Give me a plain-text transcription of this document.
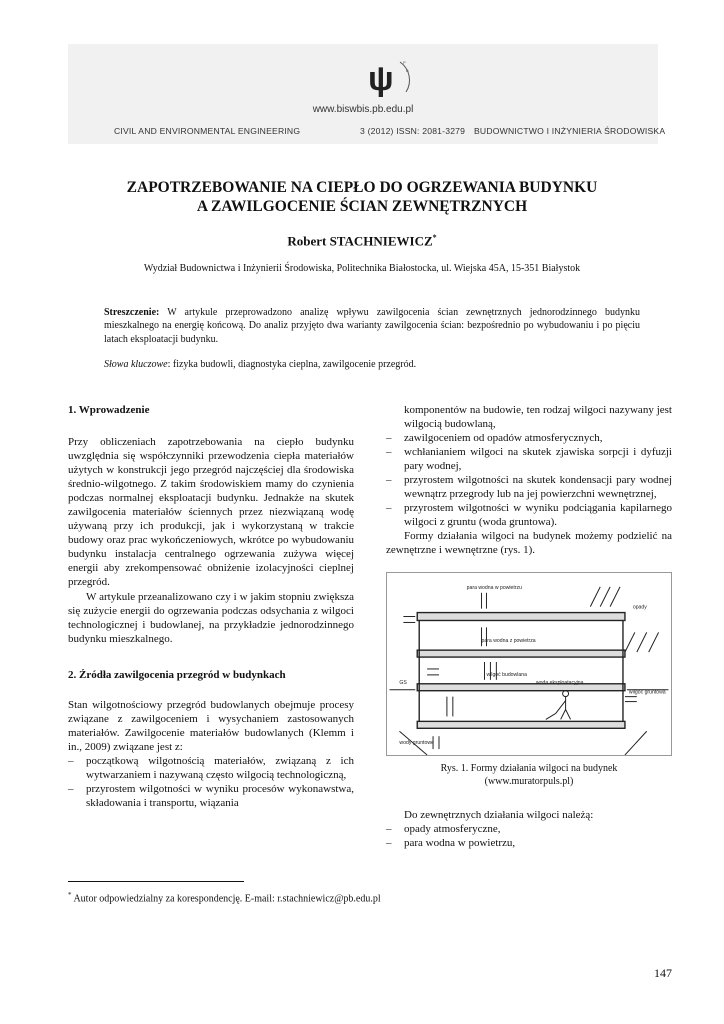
ψ P
B
www.biswbis.pb.edu.pl
CIVIL AND ENVIRONMENTAL ENGINEERING	3 (2012) ISSN: 2081-3279 BUDOWNICTWO I INŻYNIERIA ŚRODOWISKA
ZAPOTRZEBOWANIE NA CIEPŁO DO OGRZEWANIA BUDYNKU
A ZAWILGOCENIE ŚCIAN ZEWNĘTRZNYCH
Robert STACHNIEWICZ*
Wydział Budownictwa i Inżynierii Środowiska, Politechnika Białostocka, ul. Wiejska 45A, 15-351 Białystok
Streszczenie: W artykule przeprowadzono analizę wpływu zawilgocenia ścian zewnętrznych jednorodzinnego budynku mieszkalnego na energię końcową. Do analiz przyjęto dwa warianty zawilgocenia ścian: bezpośrednio po wybudowaniu i po pięciu latach eksploatacji budynku.
Słowa kluczowe: fizyka budowli, diagnostyka cieplna, zawilgocenie przegród.
1. Wprowadzenie

Przy obliczeniach zapotrzebowania na ciepło budynku uwzględnia się współczynniki przewodzenia ciepła materiałów użytych w konstrukcji jego przegród najczęściej dla środowiska średnio-wilgotnego. Z takim środowiskiem mamy do czynienia podczas normalnej eksploatacji budynku. Jednakże na skutek zawilgocenia materiałów ściennych przez niezwiązaną wodę używaną przy ich produkcji, jak i wykorzystaną w trakcie budowy oraz prac wykończeniowych, wkrótce po wybudowaniu budynku instalacja centralnego ogrzewania zużywa więcej energii aby zrekompensować obniżenie izolacyjności cieplnej przegród.

W artykule przeanalizowano czy i w jakim stopniu zwiększa się zużycie energii do ogrzewania podczas odsychania z wilgoci technologicznej i budowlanej, na przykładzie jednorodzinnego budynku mieszkalnego.

2. Źródła zawilgocenia przegród w budynkach

Stan wilgotnościowy przegród budowlanych obejmuje procesy związane z zawilgoceniem i wysychaniem zastosowanych materiałów. Zawilgocenie materiałów budowlanych (Klemm i in., 2009) związane jest z:

– początkową wilgotnością materiałów, związaną z ich wytwarzaniem i nazywaną często wilgocią technologiczną,
– przyrostem wilgotności w wyniku procesów wykonawstwa, składowania i transportu, wiązania

komponentów na budowie, ten rodzaj wilgoci nazywany jest wilgocią budowlaną,

– zawilgoceniem od opadów atmosferycznych,
– wchłanianiem wilgoci na skutek zjawiska sorpcji i dyfuzji pary wodnej,
– przyrostem wilgotności na skutek kondensacji pary wodnej wewnątrz przegrody lub na jej powierzchni wewnętrznej,
– przyrostem wilgotności w wyniku podciągania kapilarnego wilgoci z gruntu (woda gruntowa).

Formy działania wilgoci na budynek możemy podzielić na zewnętrzne i wewnętrzne (rys. 1).

para wodna w powietrzu
opady
para wodna z powietrza
wilgoć budowlana
woda eksploatacyjna
wilgoć gruntowa
wody gruntowe
GS
Rys. 1. Formy działania wilgoci na budynek
(www.muratorpuls.pl)

Do zewnętrznych działania wilgoci należą:

– opady atmosferyczne,
– para wodna w powietrzu,
* Autor odpowiedzialny za korespondencję. E-mail: r.stachniewicz@pb.edu.pl
147
